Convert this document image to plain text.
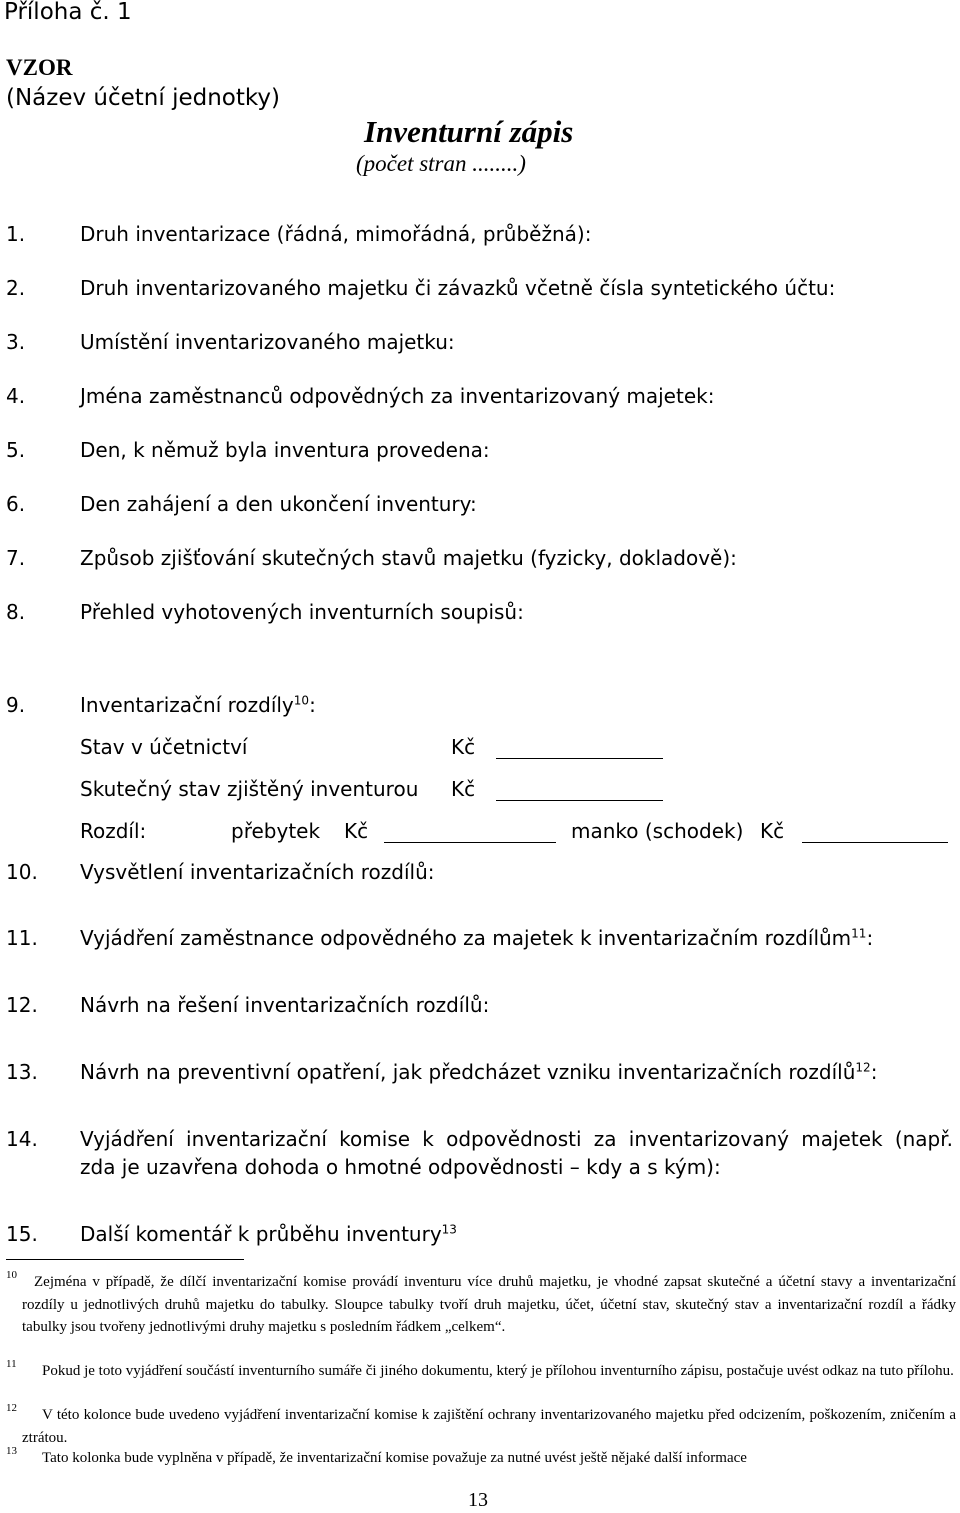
Příloha č. 1
VZOR
(Název účetní jednotky)
Inventurní zápis
(počet stran ........)
1.	Druh inventarizace (řádná, mimořádná, průběžná):
2.	Druh inventarizovaného majetku či závazků včetně čísla syntetického účtu:
3.	Umístění inventarizovaného majetku:
4.	Jména zaměstnanců odpovědných za inventarizovaný majetek:
5.	Den, k němuž byla inventura provedena:
6.	Den zahájení a den ukončení inventury:
7.	Způsob zjišťování skutečných stavů majetku (fyzicky, dokladově):
8.	Přehled vyhotovených inventurních soupisů:
9.	Inventarizační rozdíly$^{10}$:
Stav v účetnictví	Kč
Skutečný stav zjištěný inventurou Kč
Rozdíl:	přebytek Kč	manko (schodek) Kč
10. Vysvětlení inventarizačních rozdílů:
11. Vyjádření zaměstnance odpovědného za majetek k inventarizačním rozdílům$^{11}$:
12. Návrh na řešení inventarizačních rozdílů:
13. Návrh na preventivní opatření, jak předcházet vzniku inventarizačních rozdílů$^{12}$:
14. Vyjádření inventarizační komise k odpovědnosti za inventarizovaný majetek (např.
zda je uzavřena dohoda o hmotné odpovědnosti – kdy a s kým):
15. Další komentář k průběhu inventury$^{13}$
10	Zejména v případě, že dílčí inventarizační komise provádí inventuru více druhů majetku, je vhodné zapsat skutečné a účetní stavy a inventarizační rozdíly u jednotlivých druhů majetku do tabulky. Sloupce tabulky tvoří druh majetku, účet, účetní stav, skutečný stav a inventarizační rozdíl a řádky tabulky jsou tvořeny jednotlivými druhy majetku s posledním řádkem „celkem“.
11	Pokud je toto vyjádření součástí inventurního sumáře či jiného dokumentu, který je přílohou inventurního zápisu, postačuje uvést odkaz na tuto přílohu.
12	V této kolonce bude uvedeno vyjádření inventarizační komise k zajištění ochrany inventarizovaného majetku před odcizením, poškozením, zničením a ztrátou.
13	Tato kolonka bude vyplněna v případě, že inventarizační komise považuje za nutné uvést ještě nějaké další informace
13
